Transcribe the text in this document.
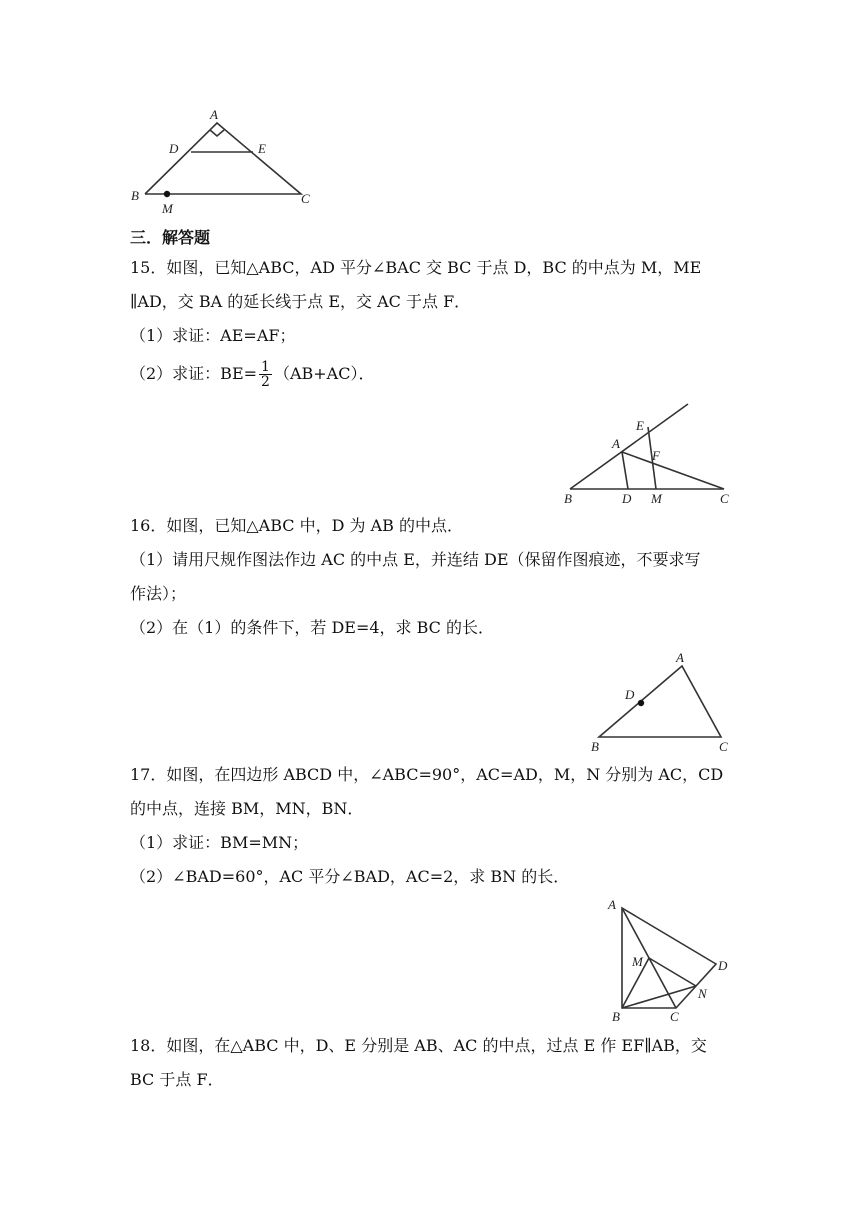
A
D	E
B	C
M
三．解答题
15．如图，已知△ABC，AD 平分∠BAC 交 BC 于点 D，BC 的中点为 M，ME
∥AD，交 BA 的延长线于点 E，交 AC 于点 F．
（1）求证：AE=AF；
（2）求证：$BE= \frac{1}{2} (AB+AC)$．
E
A
F
B	D M	C
16．如图，已知△ABC 中，D 为 AB 的中点．
（1）请用尺规作图法作边 AC 的中点 E，并连结 DE（保留作图痕迹，不要求写
作法）；
（2）在（1）的条件下，若 DE=4，求 BC 的长．
A
D
B	C
17．如图，在四边形 ABCD 中，∠ABC=90°，AC=AD，M，N 分别为 AC，CD
的中点，连接 BM，MN，BN．
（1）求证：BM=MN；
（2）∠BAD=60°，AC 平分∠BAD，AC=2，求 BN 的长．
A
M	D
N
B	C
18．如图，在△ABC 中，D、E 分别是 AB、AC 的中点，过点 E 作 EF∥AB，交
BC 于点 F．
